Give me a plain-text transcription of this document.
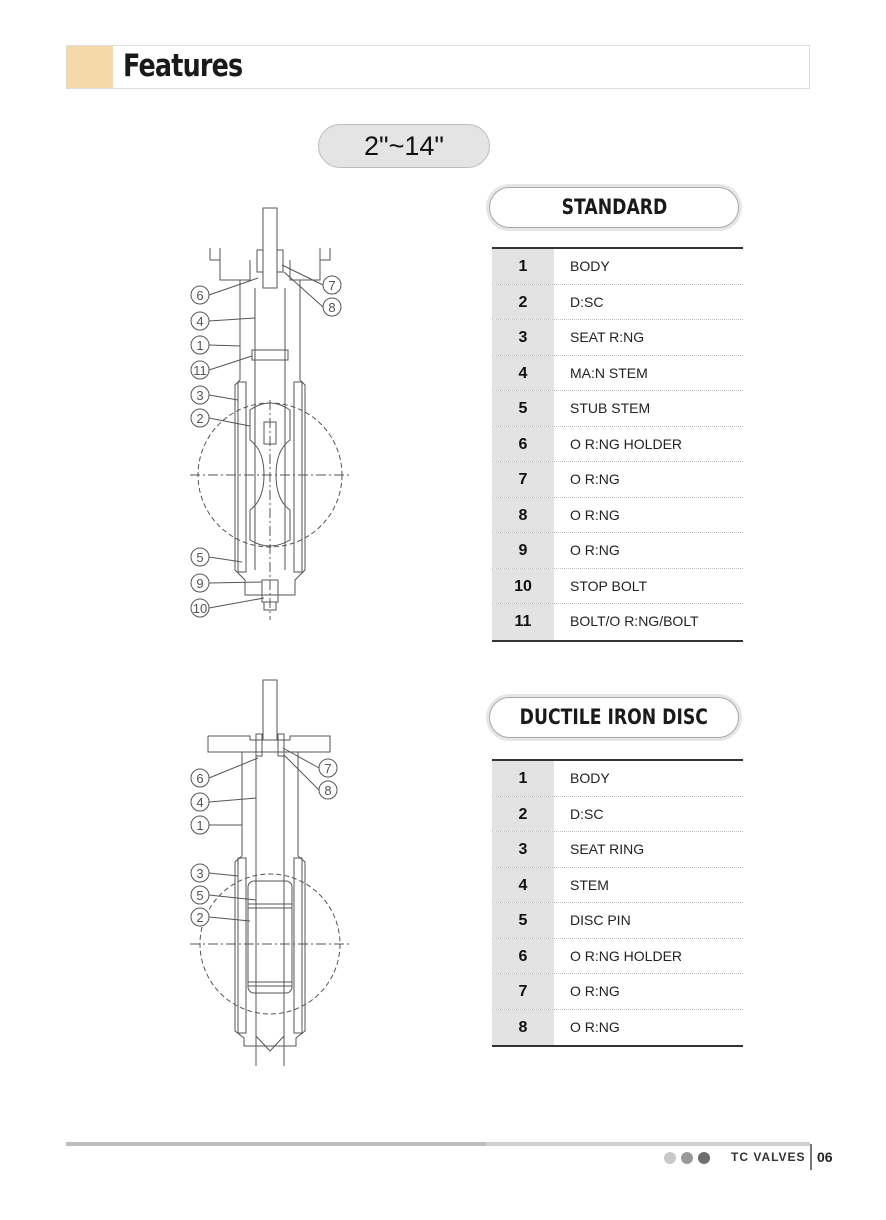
Features
2"~14"
6
4
1
11
3
2
5
9
10
7
8
STANDARD
1	BODY
2	D:SC
3	SEAT R:NG
4	MA:N STEM
5	STUB STEM
6	O R:NG HOLDER
7	O R:NG
8	O R:NG
9	O R:NG
10	STOP BOLT
11	BOLT/O R:NG/BOLT
6
4
1
3
5
2
7
8
DUCTILE IRON DISC
1	BODY
2	D:SC
3	SEAT RING
4	STEM
5	DISC PIN
6	O R:NG HOLDER
7	O R:NG
8	O R:NG
TC VALVES 06
